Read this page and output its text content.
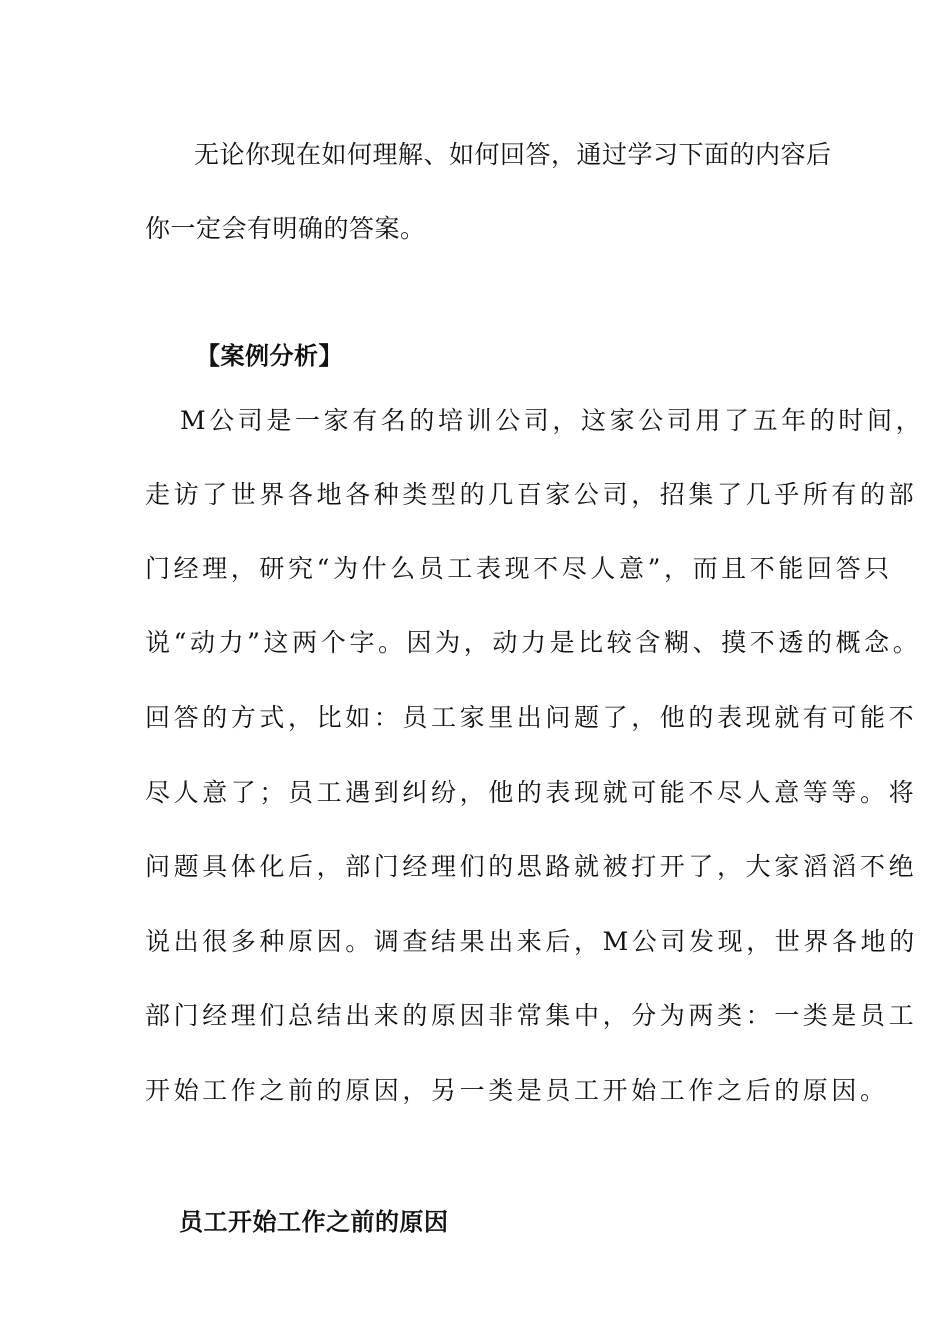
无论你现在如何理解、如何回答，通过学习下面的内容后
你一定会有明确的答案。
【案例分析】
M公司是一家有名的培训公司，这家公司用了五年的时间，
走访了世界各地各种类型的几百家公司，招集了几乎所有的部
门经理，研究“为什么员工表现不尽人意”，而且不能回答只
说“动力”这两个字。因为，动力是比较含糊、摸不透的概念。
回答的方式，比如：员工家里出问题了，他的表现就有可能不
尽人意了；员工遇到纠纷，他的表现就可能不尽人意等等。将
问题具体化后，部门经理们的思路就被打开了，大家滔滔不绝
说出很多种原因。调查结果出来后，M公司发现，世界各地的
部门经理们总结出来的原因非常集中，分为两类：一类是员工
开始工作之前的原因，另一类是员工开始工作之后的原因。
员工开始工作之前的原因
